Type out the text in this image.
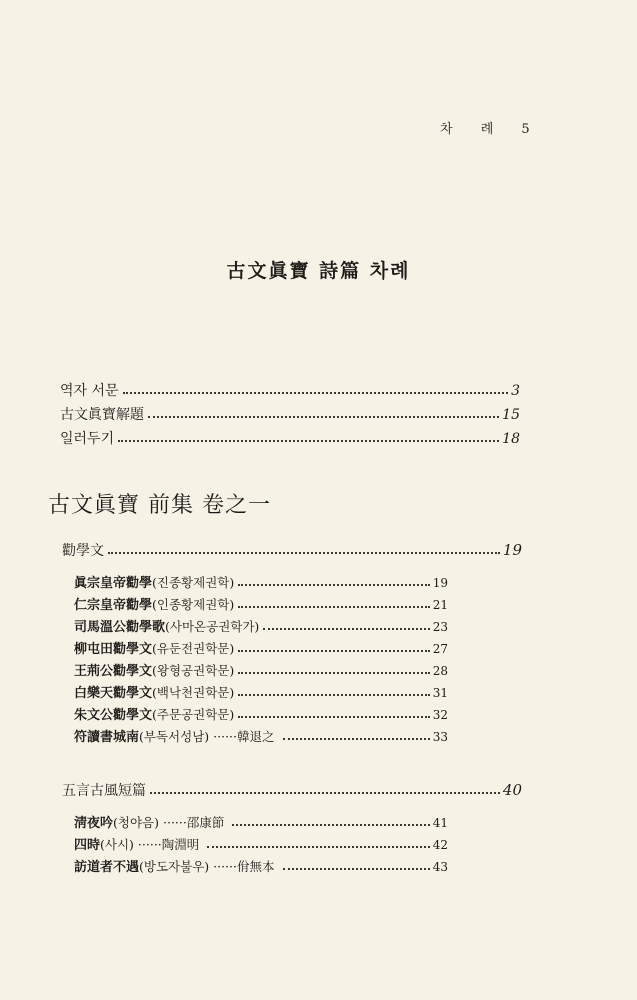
차 례 5
古文眞寶 詩篇 차례
역자 서문	3
古文眞寶解題	15
일러두기	18
古文眞寶 前集 卷之一
勸學文	19
眞宗皇帝勸學(진종황제권학)	19
仁宗皇帝勸學(인종황제권학)	21
司馬溫公勸學歌(사마온공권학가)	23
柳屯田勸學文(유둔전권학문)	27
王荊公勸學文(왕형공권학문)	28
白樂天勸學文(백낙천권학문)	31
朱文公勸學文(주문공권학문)	32
符讀書城南(부독서성남) ······韓退之	33
五言古風短篇	40
淸夜吟(청야음) ······邵康節	41
四時(사시) ······陶淵明	42
訪道者不遇(방도자불우) ······佾無本	43
